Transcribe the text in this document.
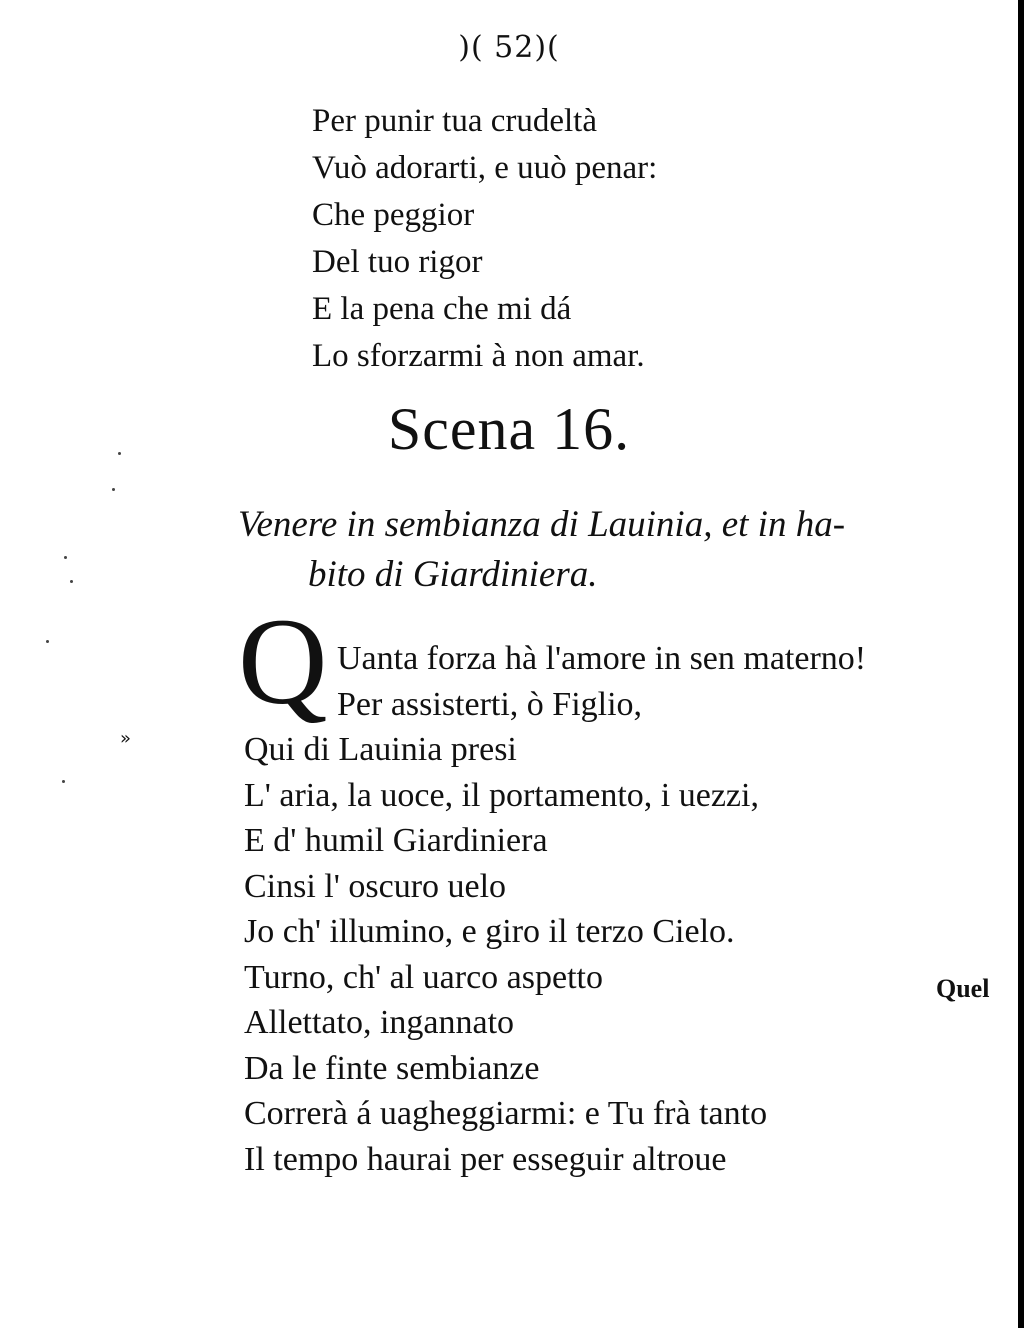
)( 52)(
Per punir tua crudeltà
Vuò adorarti, e uuò penar:
Che peggior
Del tuo rigor
E la pena che mi dá
Lo sforzarmi à non amar.
Scena 16.
Venere in sembianza di Lauinia, et in ha-
bito di Giardiniera.
Q Uanta forza hà l'amore in sen materno!
Per assisterti, ò Figlio,
Qui di Lauinia presi
L' aria, la uoce, il portamento, i uezzi,
E d' humil Giardiniera
Cinsi l' oscuro uelo
Jo ch' illumino, e giro il terzo Cielo.
Turno, ch' al uarco aspetto
Allettato, ingannato
Da le finte sembianze
Correrà á uagheggiarmi: e Tu frà tanto
Il tempo haurai per esseguir altroue
Quel
»
